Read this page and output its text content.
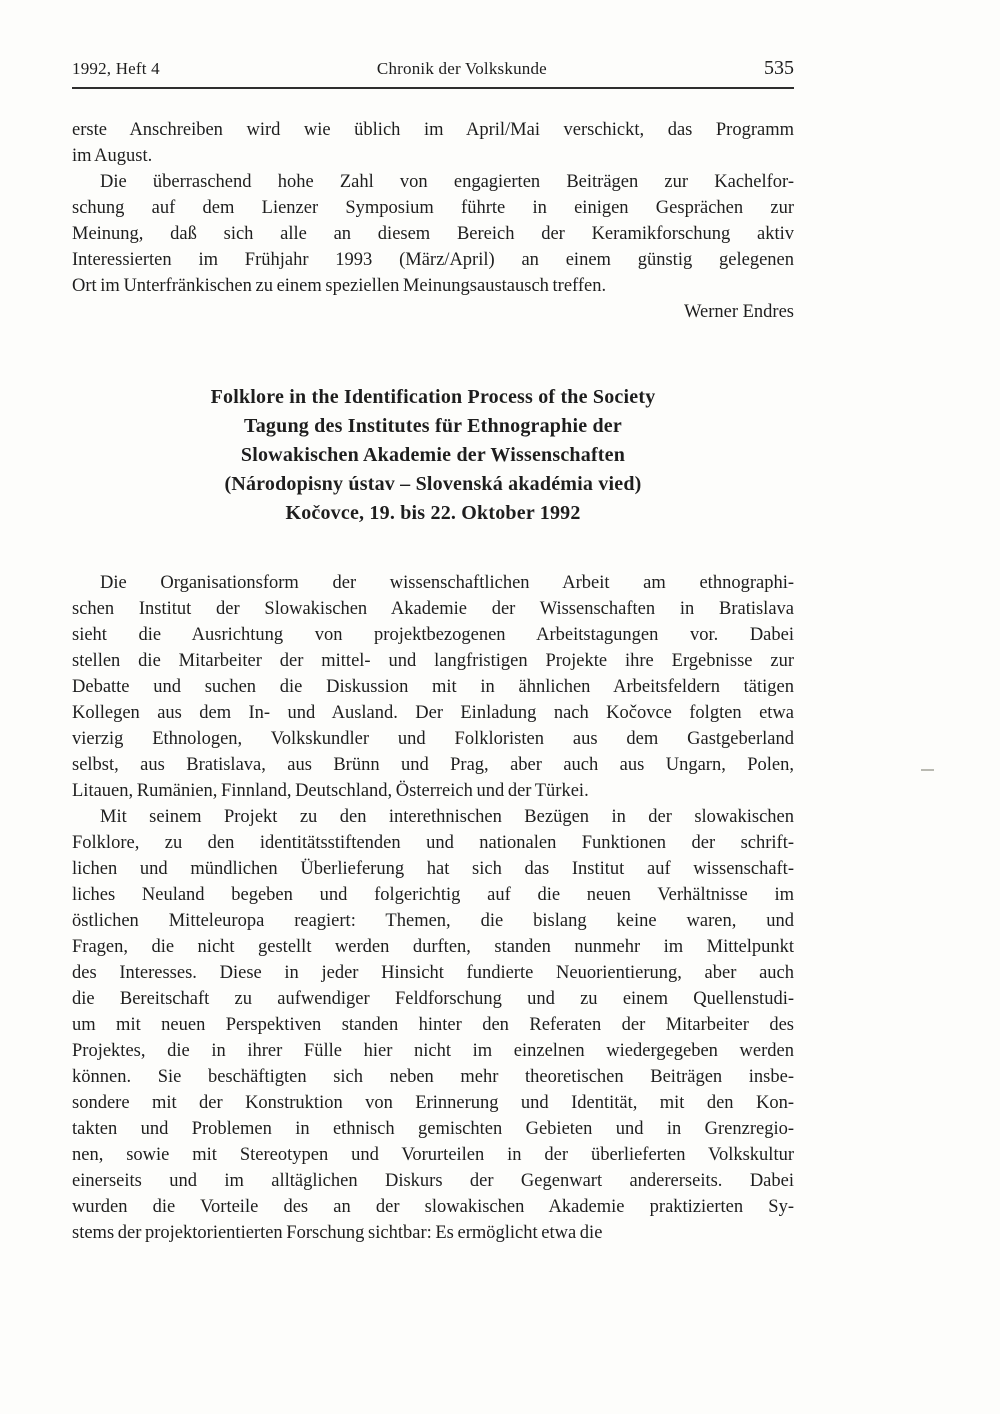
1992, Heft 4	Chronik der Volkskunde	535
erste Anschreiben wird wie üblich im April/Mai verschickt, das Programm
im August.
Die überraschend hohe Zahl von engagierten Beiträgen zur Kachelfor-
schung auf dem Lienzer Symposium führte in einigen Gesprächen zur
Meinung, daß sich alle an diesem Bereich der Keramikforschung aktiv
Interessierten im Frühjahr 1993 (März/April) an einem günstig gelegenen
Ort im Unterfränkischen zu einem speziellen Meinungsaustausch treffen.
Werner Endres
Folklore in the Identification Process of the Society
Tagung des Institutes für Ethnographie der
Slowakischen Akademie der Wissenschaften
(Národopisny ústav – Slovenská akadémia vied)
Kočovce, 19. bis 22. Oktober 1992
Die Organisationsform der wissenschaftlichen Arbeit am ethnographi-
schen Institut der Slowakischen Akademie der Wissenschaften in Bratislava
sieht die Ausrichtung von projektbezogenen Arbeitstagungen vor. Dabei
stellen die Mitarbeiter der mittel- und langfristigen Projekte ihre Ergebnisse zur
Debatte und suchen die Diskussion mit in ähnlichen Arbeitsfeldern tätigen
Kollegen aus dem In- und Ausland. Der Einladung nach Kočovce folgten etwa
vierzig Ethnologen, Volkskundler und Folkloristen aus dem Gastgeberland
selbst, aus Bratislava, aus Brünn und Prag, aber auch aus Ungarn, Polen,
Litauen, Rumänien, Finnland, Deutschland, Österreich und der Türkei.
Mit seinem Projekt zu den interethnischen Bezügen in der slowakischen
Folklore, zu den identitätsstiftenden und nationalen Funktionen der schrift-
lichen und mündlichen Überlieferung hat sich das Institut auf wissenschaft-
liches Neuland begeben und folgerichtig auf die neuen Verhältnisse im
östlichen Mitteleuropa reagiert: Themen, die bislang keine waren, und
Fragen, die nicht gestellt werden durften, standen nunmehr im Mittelpunkt
des Interesses. Diese in jeder Hinsicht fundierte Neuorientierung, aber auch
die Bereitschaft zu aufwendiger Feldforschung und zu einem Quellenstudi-
um mit neuen Perspektiven standen hinter den Referaten der Mitarbeiter des
Projektes, die in ihrer Fülle hier nicht im einzelnen wiedergegeben werden
können. Sie beschäftigten sich neben mehr theoretischen Beiträgen insbe-
sondere mit der Konstruktion von Erinnerung und Identität, mit den Kon-
takten und Problemen in ethnisch gemischten Gebieten und in Grenzregio-
nen, sowie mit Stereotypen und Vorurteilen in der überlieferten Volkskultur
einerseits und im alltäglichen Diskurs der Gegenwart andererseits. Dabei
wurden die Vorteile des an der slowakischen Akademie praktizierten Sy-
stems der projektorientierten Forschung sichtbar: Es ermöglicht etwa die
